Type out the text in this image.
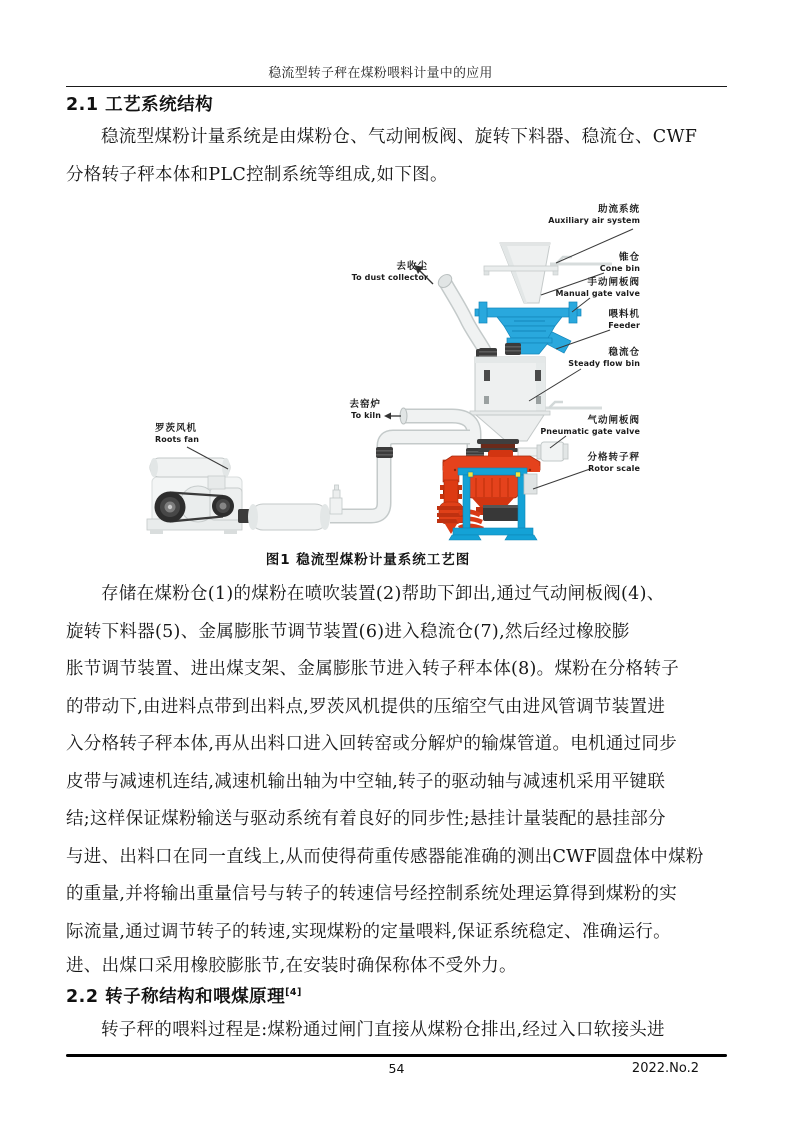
稳流型转子秤在煤粉喂料计量中的应用
2.1 工艺系统结构
稳流型煤粉计量系统是由煤粉仓、气动闸板阀、旋转下料器、稳流仓、CWF
分格转子秤本体和PLC控制系统等组成,如下图。
助流系统
Auxiliary air system
锥仓
Cone bin
手动闸板阀
Manual gate valve
喂料机
Feeder
稳流仓
Steady flow bin
气动闸板阀
Pneumatic gate valve
分格转子秤
Rotor scale
去收尘
To dust collector
去窑炉
To kiln
罗茨风机
Roots fan
图1 稳流型煤粉计量系统工艺图
存储在煤粉仓(1)的煤粉在喷吹装置(2)帮助下卸出,通过气动闸板阀(4)、
旋转下料器(5)、金属膨胀节调节装置(6)进入稳流仓(7),然后经过橡胶膨
胀节调节装置、进出煤支架、金属膨胀节进入转子秤本体(8)。煤粉在分格转子
的带动下,由进料点带到出料点,罗茨风机提供的压缩空气由进风管调节装置进
入分格转子秤本体,再从出料口进入回转窑或分解炉的输煤管道。电机通过同步
皮带与减速机连结,减速机输出轴为中空轴,转子的驱动轴与减速机采用平键联
结;这样保证煤粉输送与驱动系统有着良好的同步性;悬挂计量装配的悬挂部分
与进、出料口在同一直线上,从而使得荷重传感器能准确的测出CWF圆盘体中煤粉
的重量,并将输出重量信号与转子的转速信号经控制系统处理运算得到煤粉的实
际流量,通过调节转子的转速,实现煤粉的定量喂料,保证系统稳定、准确运行。
进、出煤口采用橡胶膨胀节,在安装时确保称体不受外力。
2.2 转子称结构和喂煤原理[4]
转子秤的喂料过程是:煤粉通过闸门直接从煤粉仓排出,经过入口软接头进
54	2022.No.2
